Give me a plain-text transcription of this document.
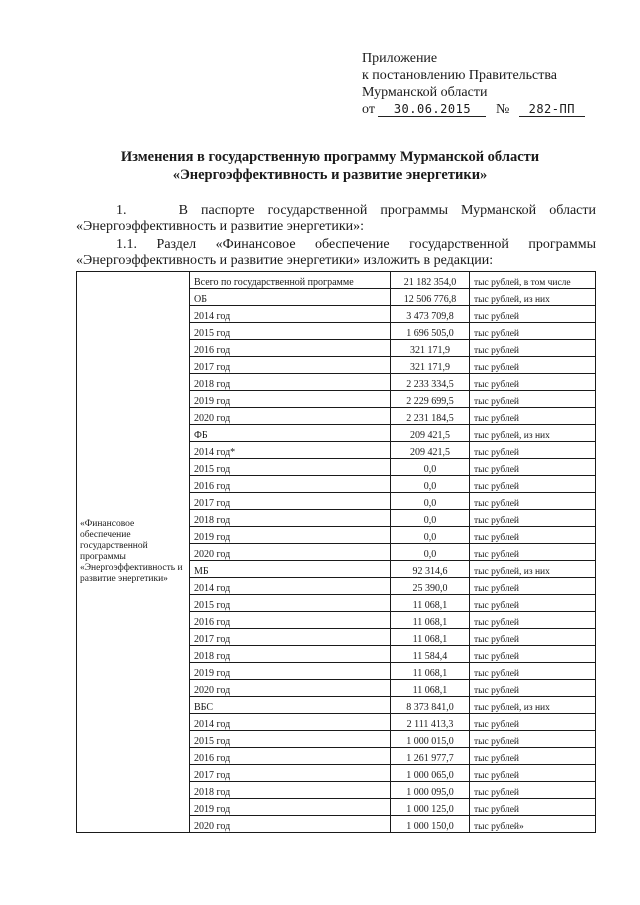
Приложение
к постановлению Правительства
Мурманской области
от 30.06.2015 № 282-ПП
Изменения в государственную программу Мурманской области
«Энергоэффективность и развитие энергетики»
1.	В паспорте государственной программы Мурманской области «Энергоэффективность и развитие энергетики»:
1.1. Раздел «Финансовое обеспечение государственной программы «Энергоэффективность и развитие энергетики» изложить в редакции:
«Финансовое обеспечение государственной программы «Энергоэффективность и развитие энергетики»	Всего по государственной программе	21 182 354,0	тыс рублей, в том числе
	ОБ	12 506 776,8	тыс рублей, из них
	2014 год	3 473 709,8	тыс рублей
	2015 год	1 696 505,0	тыс рублей
	2016 год	321 171,9	тыс рублей
	2017 год	321 171,9	тыс рублей
	2018 год	2 233 334,5	тыс рублей
	2019 год	2 229 699,5	тыс рублей
	2020 год	2 231 184,5	тыс рублей
	ФБ	209 421,5	тыс рублей, из них
	2014 год*	209 421,5	тыс рублей
	2015 год	0,0	тыс рублей
	2016 год	0,0	тыс рублей
	2017 год	0,0	тыс рублей
	2018 год	0,0	тыс рублей
	2019 год	0,0	тыс рублей
	2020 год	0,0	тыс рублей
	МБ	92 314,6	тыс рублей, из них
	2014 год	25 390,0	тыс рублей
	2015 год	11 068,1	тыс рублей
	2016 год	11 068,1	тыс рублей
	2017 год	11 068,1	тыс рублей
	2018 год	11 584,4	тыс рублей
	2019 год	11 068,1	тыс рублей
	2020 год	11 068,1	тыс рублей
	ВБС	8 373 841,0	тыс рублей, из них
	2014 год	2 111 413,3	тыс рублей
	2015 год	1 000 015,0	тыс рублей
	2016 год	1 261 977,7	тыс рублей
	2017 год	1 000 065,0	тыс рублей
	2018 год	1 000 095,0	тыс рублей
	2019 год	1 000 125,0	тыс рублей
	2020 год	1 000 150,0	тыс рублей»
